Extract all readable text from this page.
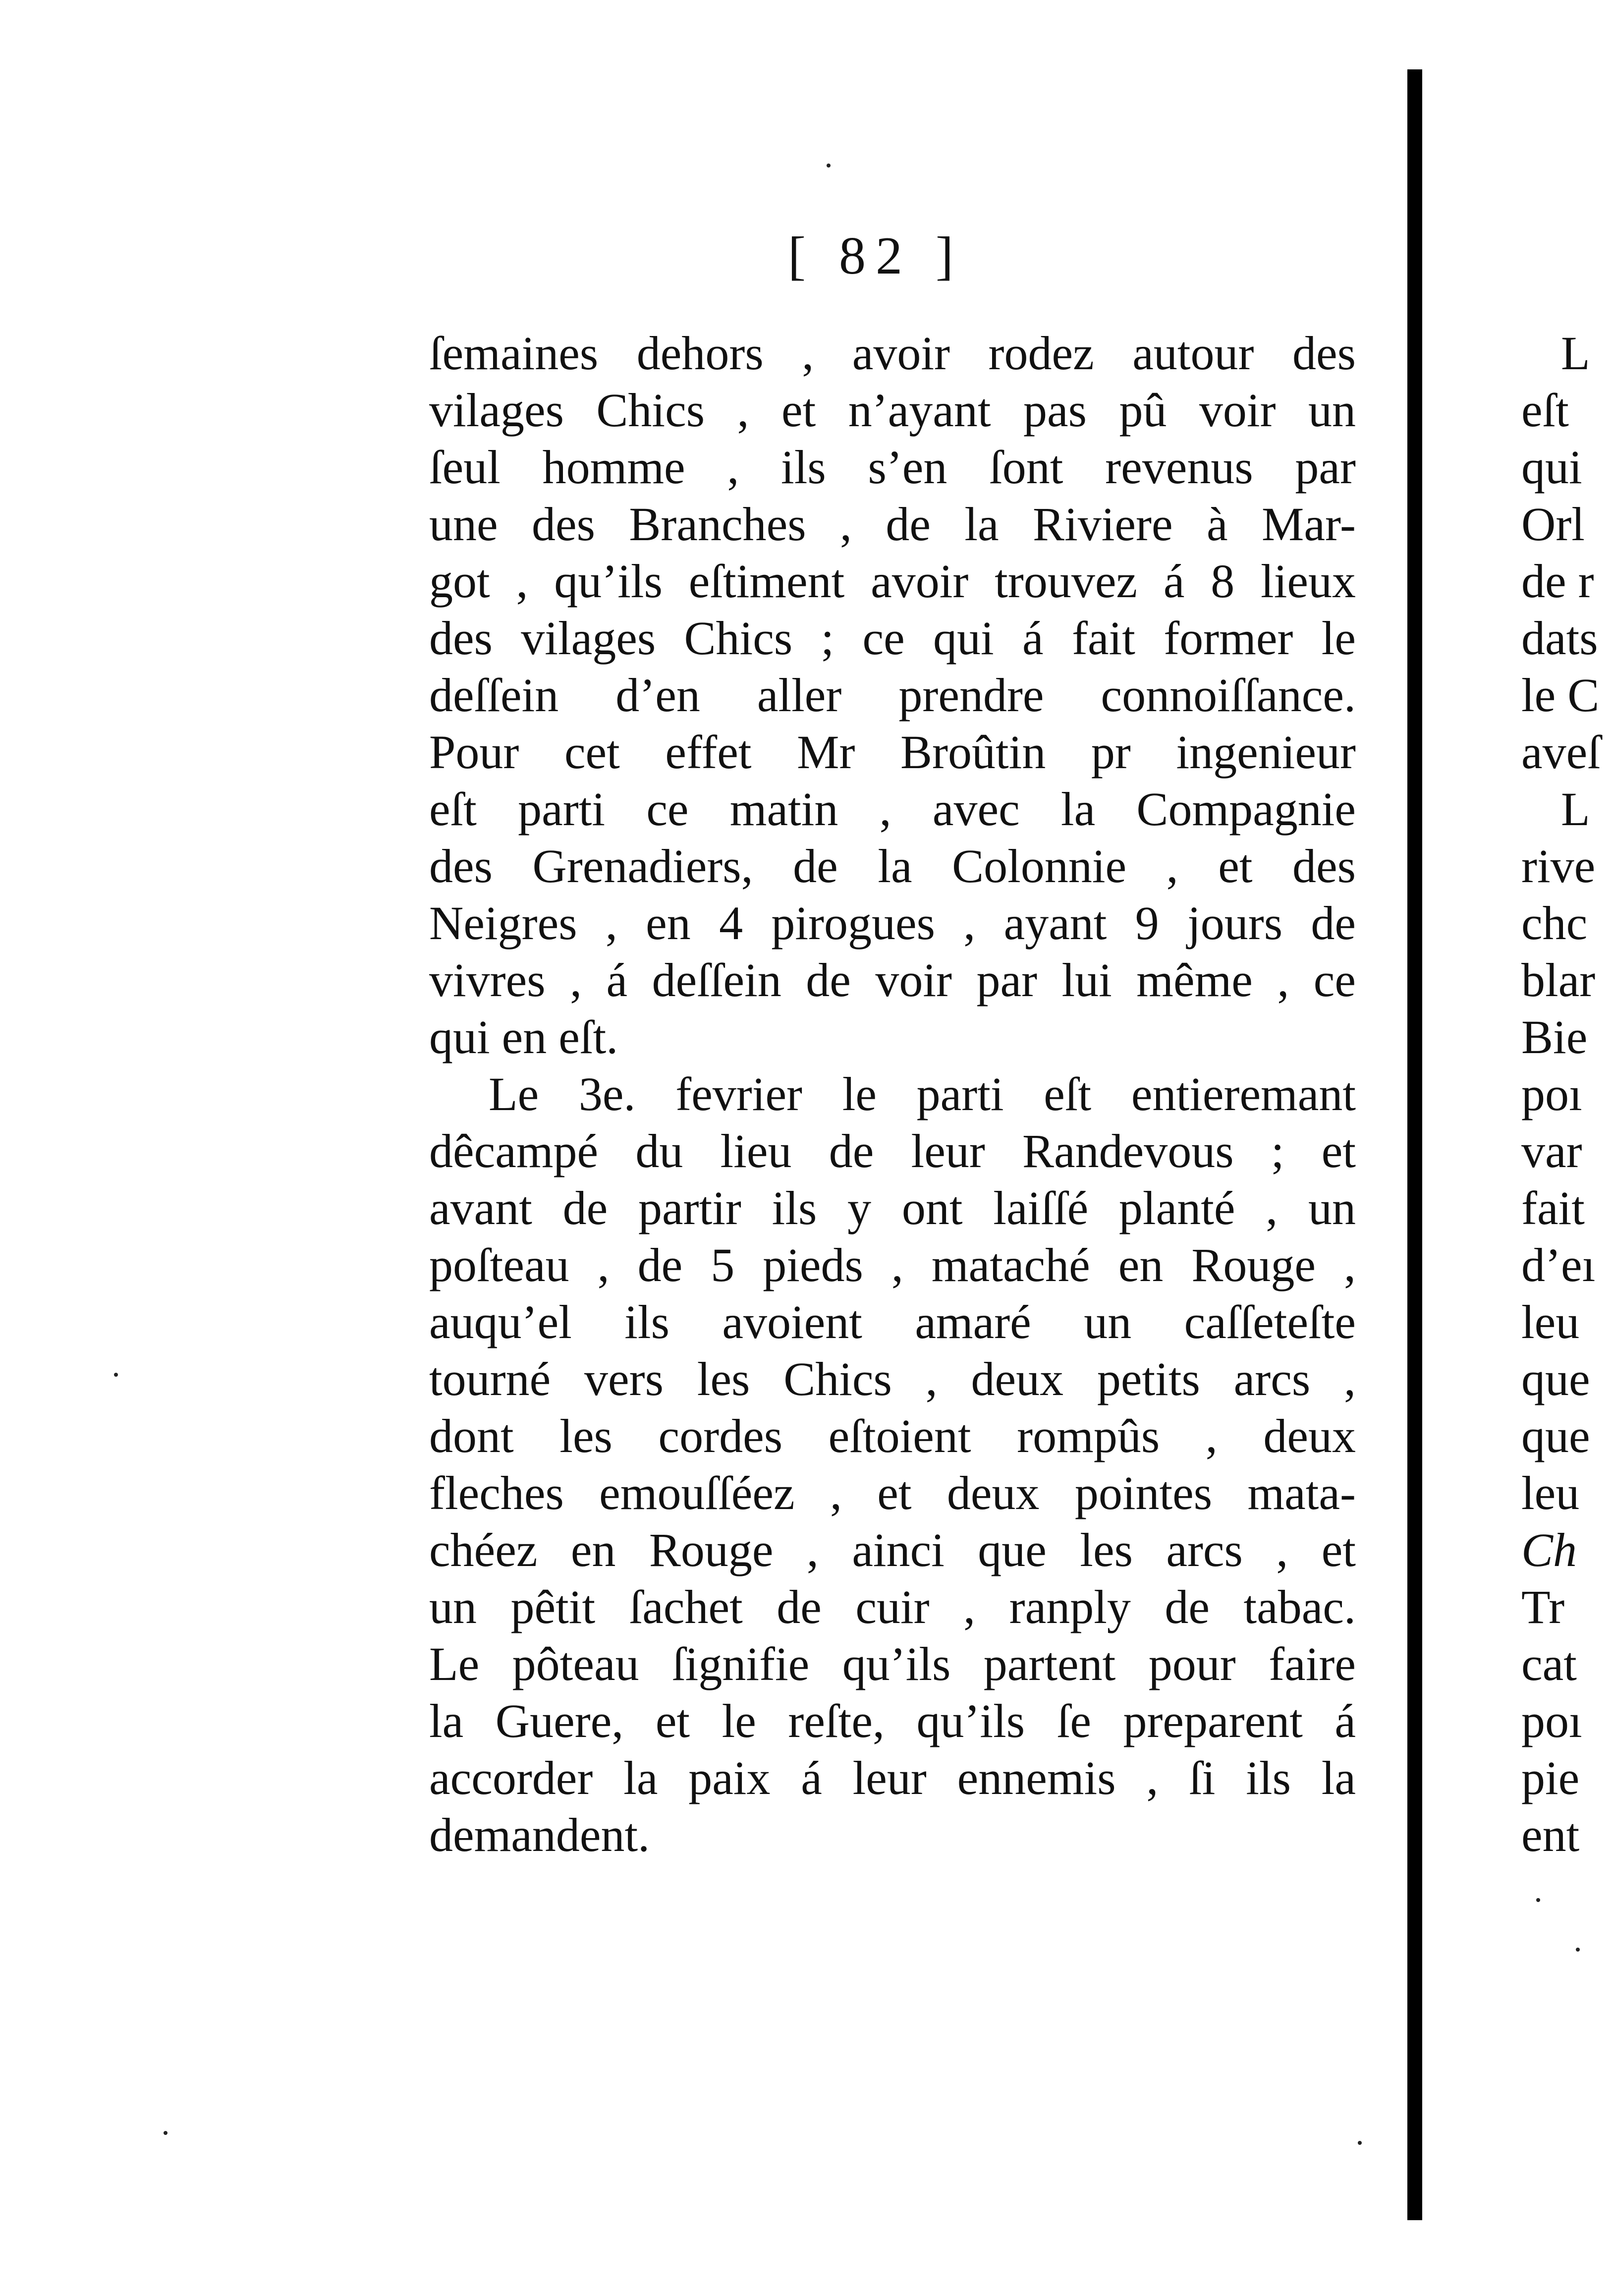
[ 82 ]
ſemaines dehors , avoir rodez autour des
vilages Chics , et n’ayant pas pû voir un
ſeul homme , ils s’en ſont revenus par
une des Branches , de la Riviere à Mar-
got , qu’ils eſtiment avoir trouvez á 8 lieux
des vilages Chics ; ce qui á fait former le
deſſein d’en aller prendre connoiſſance.
Pour cet effet Mr Broûtin pr ingenieur
eſt parti ce matin , avec la Compagnie
des Grenadiers, de la Colonnie , et des
Neigres , en 4 pirogues , ayant 9 jours de
vivres , á deſſein de voir par lui même , ce
qui en eſt.
Le 3e. fevrier le parti eſt entieremant
dêcampé du lieu de leur Randevous ; et
avant de partir ils y ont laiſſé planté , un
poſteau , de 5 pieds , mataché en Rouge ,
auqu’el ils avoient amaré un caſſeteſte
tourné vers les Chics , deux petits arcs ,
dont les cordes eſtoient rompûs , deux
fleches emouſſéez , et deux pointes mata-
chéez en Rouge , ainci que les arcs , et
un pêtit ſachet de cuir , ranply de tabac.
Le pôteau ſignifie qu’ils partent pour faire
la Guere, et le reſte, qu’ils ſe preparent á
accorder la paix á leur ennemis , ſi ils la
demandent.
L
eſt
qui
Orl
de r
dats
le C
aveſ
L
rive
chc
blar
Bie
poı
var
fait
d’eı
leu
que
que
leu
Ch
Tr
cat
poı
pie
ent
